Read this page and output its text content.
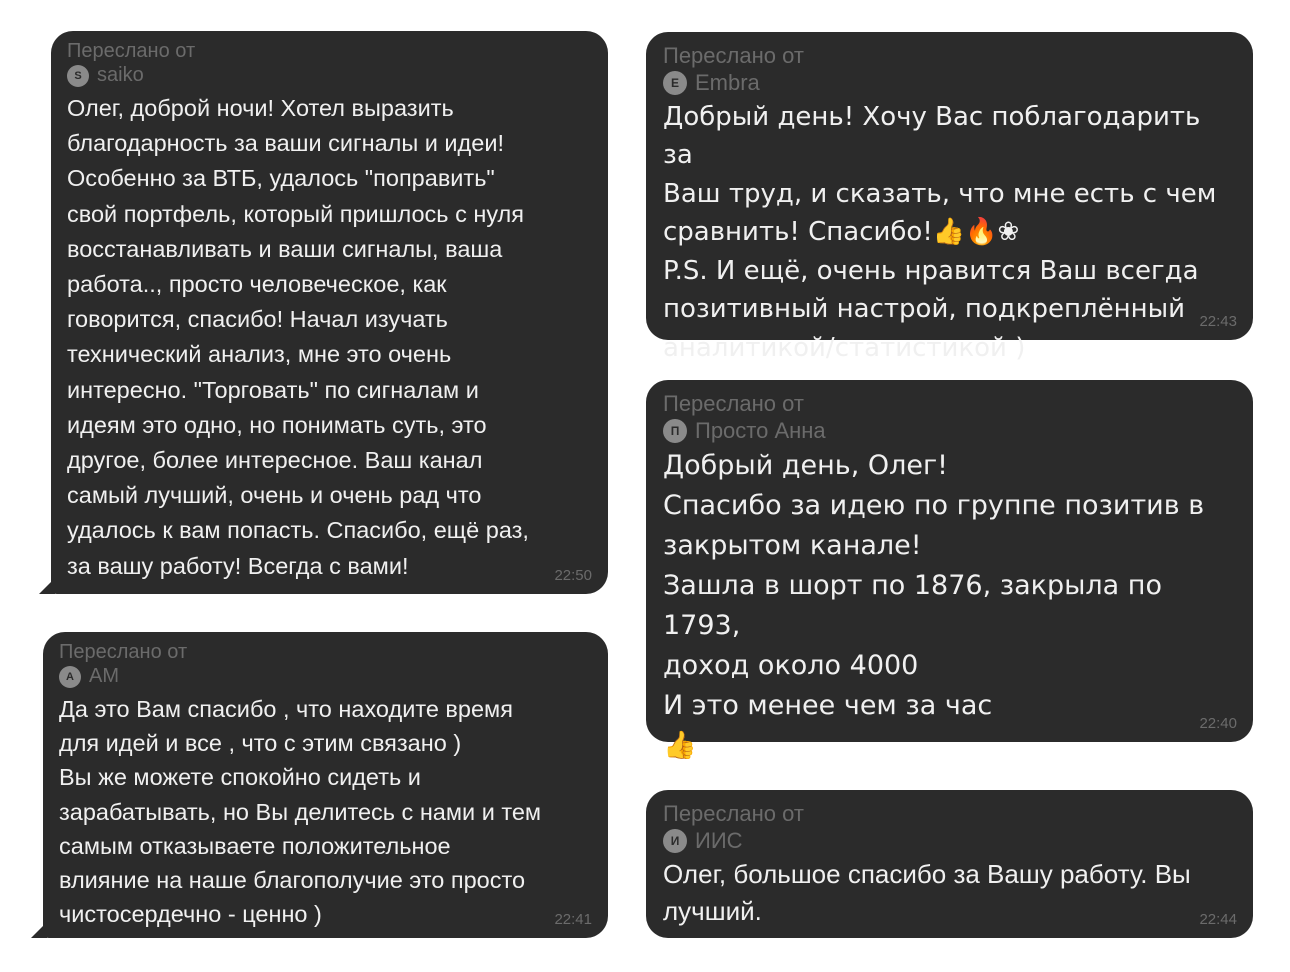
Переслано от
S saiko
Олег, доброй ночи! Хотел выразить
благодарность за ваши сигналы и идеи!
Особенно за ВТБ, удалось "поправить"
свой портфель, который пришлось с нуля
восстанавливать и ваши сигналы, ваша
работа.., просто человеческое, как
говорится, спасибо! Начал изучать
технический анализ, мне это очень
интересно. "Торговать" по сигналам и
идеям это одно, но понимать суть, это
другое, более интересное. Ваш канал
самый лучший, очень и очень рад что
удалось к вам попасть. Спасибо, ещё раз,
за вашу работу! Всегда с вами!	22:50
Переслано от
A AM
Да это Вам спасибо , что находите время
для идей и все , что с этим связано )
Вы же можете спокойно сидеть и
зарабатывать, но Вы делитесь с нами и тем
самым отказываете положительное
влияние на наше благополучие это просто
чистосердечно - ценно )	22:41
Переслано от
E Embra
Добрый день! Хочу Вас поблагодарить за
Ваш труд, и сказать, что мне есть с чем
сравнить! Спасибо!👍🔥❀
P.S. И ещё, очень нравится Ваш всегда
позитивный настрой, подкреплённый
аналитикой/статистикой )
22:43
Переслано от
П Просто Анна
Добрый день, Олег!
Спасибо за идею по группе позитив в
закрытом канале!
Зашла в шорт по 1876, закрыла по 1793,
доход около 4000
И это менее чем за час
👍
22:40
Переслано от
И ИИС
Олег, большое спасибо за Вашу работу. Вы
лучший.	22:44
